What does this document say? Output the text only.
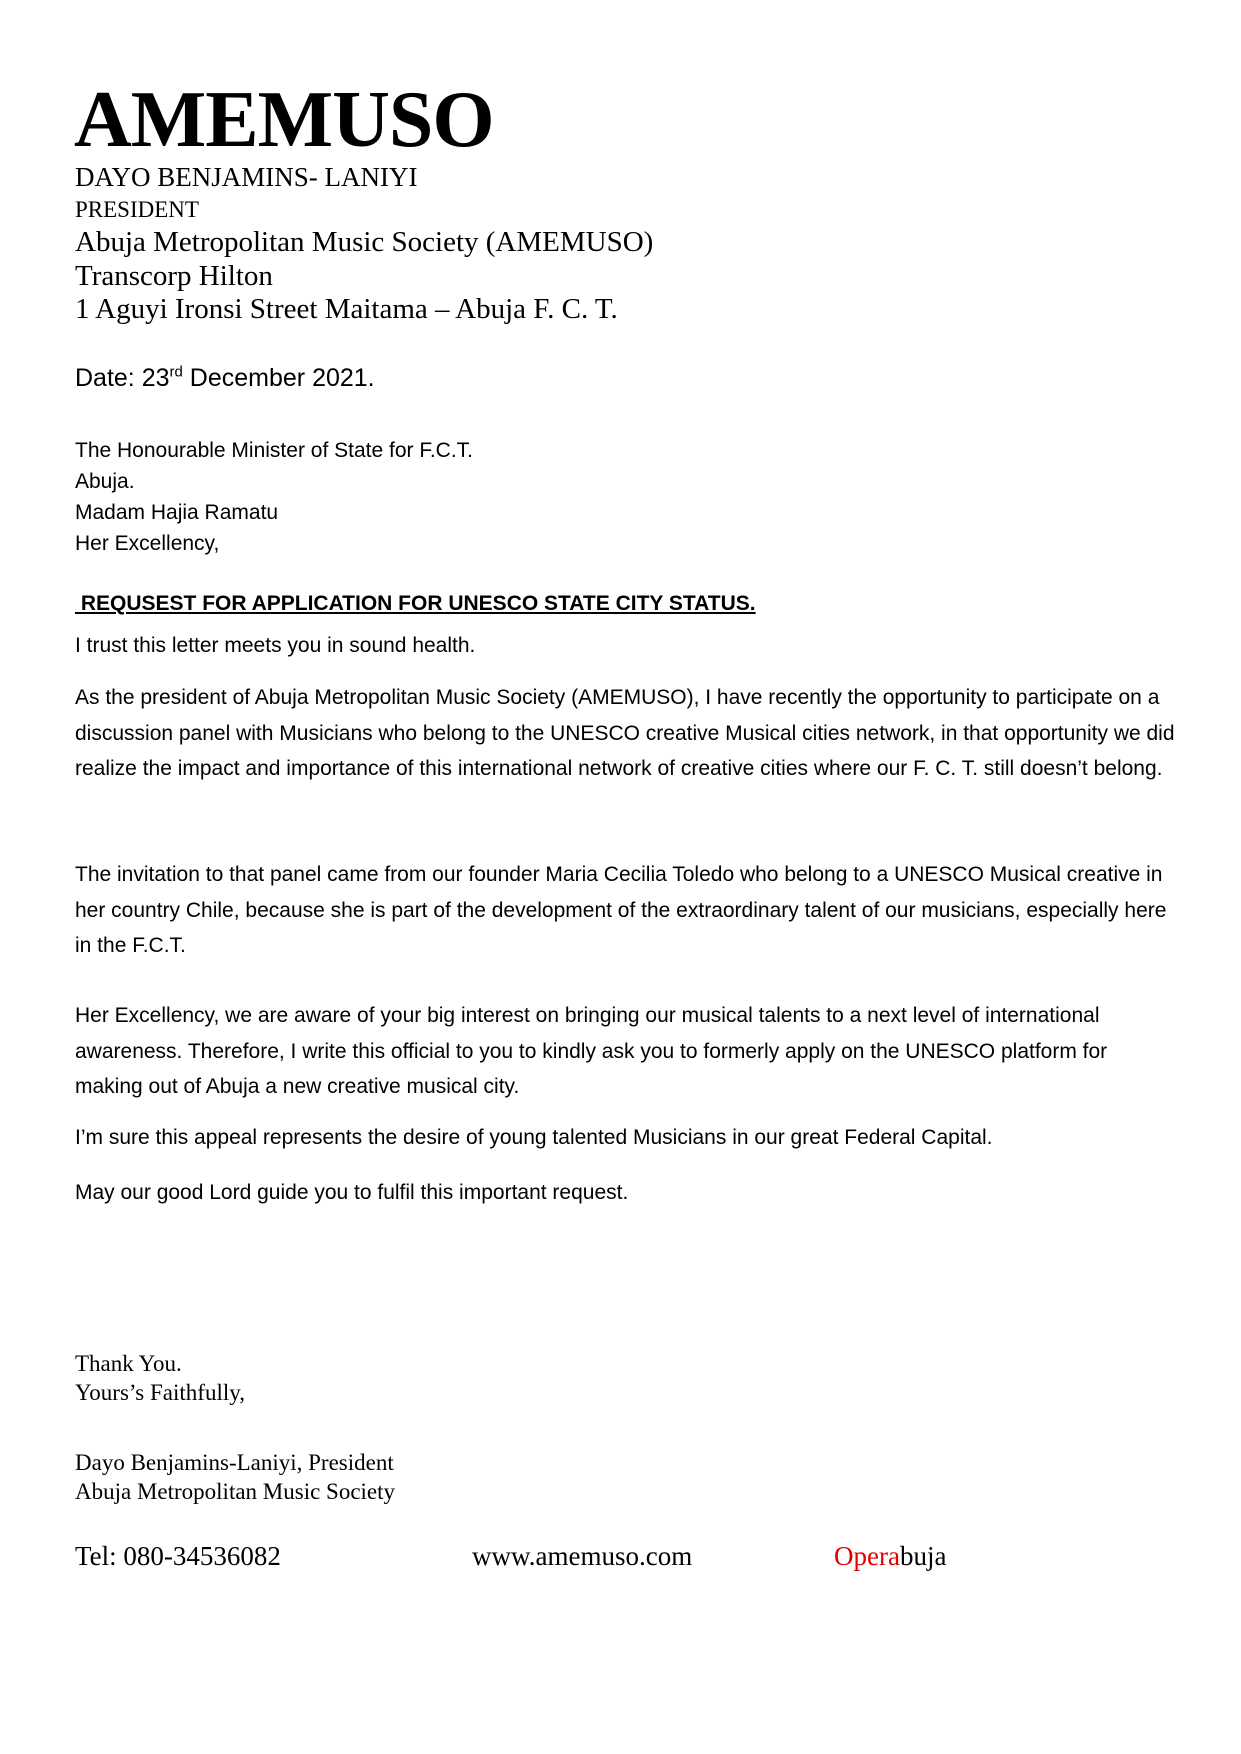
AMEMUSO
DAYO BENJAMINS- LANIYI
PRESIDENT
Abuja Metropolitan Music Society (AMEMUSO)
Transcorp Hilton
1 Aguyi Ironsi Street Maitama – Abuja F. C. T.
Date: 23rd December 2021.
The Honourable Minister of State for F.C.T.
Abuja.
Madam Hajia Ramatu
Her Excellency,
REQUSEST FOR APPLICATION FOR UNESCO STATE CITY STATUS.

I trust this letter meets you in sound health.

As the president of Abuja Metropolitan Music Society (AMEMUSO), I have recently the opportunity to participate on a discussion panel with Musicians who belong to the UNESCO creative Musical cities network, in that opportunity we did realize the impact and importance of this international network of creative cities where our F. C. T. still doesn’t belong.

The invitation to that panel came from our founder Maria Cecilia Toledo who belong to a UNESCO Musical creative in her country Chile, because she is part of the development of the extraordinary talent of our musicians, especially here in the F.C.T.

Her Excellency, we are aware of your big interest on bringing our musical talents to a next level of international awareness. Therefore, I write this official to you to kindly ask you to formerly apply on the UNESCO platform for making out of Abuja a new creative musical city.

I’m sure this appeal represents the desire of young talented Musicians in our great Federal Capital.

May our good Lord guide you to fulfil this important request.

Thank You.
Yours’s Faithfully,
Dayo Benjamins-Laniyi, President
Abuja Metropolitan Music Society
Tel: 080-34536082	www.amemuso.com	Operabuja
